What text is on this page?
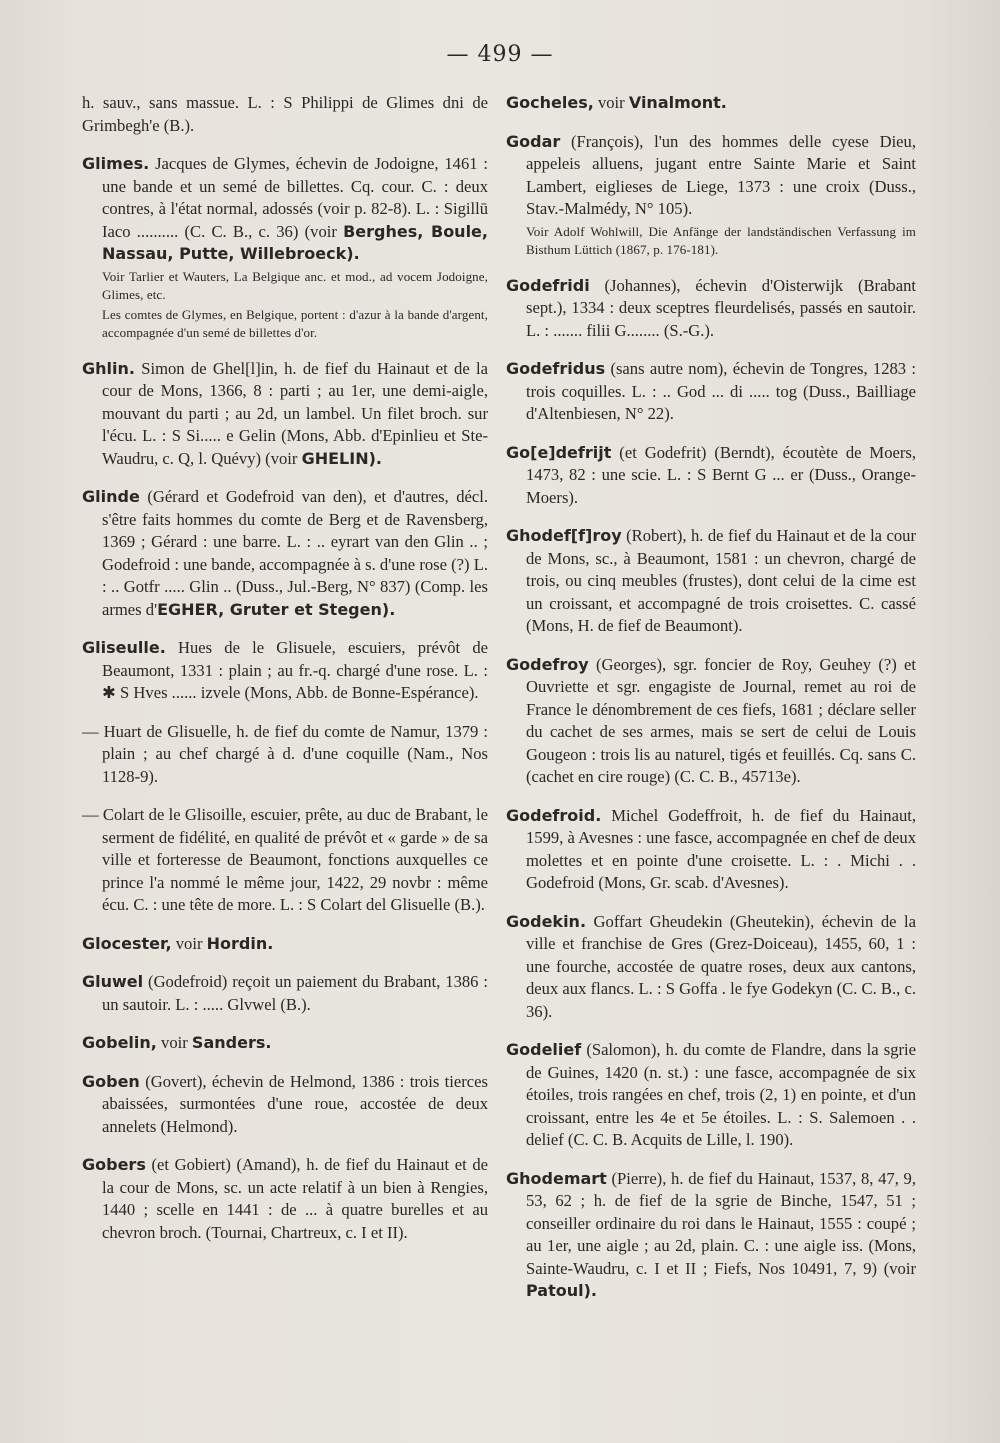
— 499 —

h. sauv., sans massue. L. : S Philippi de Glimes dni de Grimbegh'e (B.).

Glimes. Jacques de Glymes, échevin de Jodoigne, 1461 : une bande et un semé de billettes. Cq. cour. C. : deux contres, à l'état normal, adossés (voir p. 82-8). L. : Sigillū Iaco .......... (C. C. B., c. 36) (voir Berghes, Boule, Nassau, Putte, Willebroeck).

Voir Tarlier et Wauters, La Belgique anc. et mod., ad vocem Jodoigne, Glimes, etc.

Les comtes de Glymes, en Belgique, portent : d'azur à la bande d'argent, accompagnée d'un semé de billettes d'or.

Ghlin. Simon de Ghel[l]in, h. de fief du Hainaut et de la cour de Mons, 1366, 8 : parti ; au 1er, une demi-aigle, mouvant du parti ; au 2d, un lambel. Un filet broch. sur l'écu. L. : S Si..... e Gelin (Mons, Abb. d'Epinlieu et Ste-Waudru, c. Q, l. Quévy) (voir GHELIN).

Glinde (Gérard et Godefroid van den), et d'autres, décl. s'être faits hommes du comte de Berg et de Ravensberg, 1369 ; Gérard : une barre. L. : .. eyrart van den Glin .. ; Godefroid : une bande, accompagnée à s. d'une rose (?) L. : .. Gotfr ..... Glin .. (Duss., Jul.-Berg, N° 837) (Comp. les armes d'EGHER, Gruter et Stegen).

Gliseulle. Hues de le Glisuele, escuiers, prévôt de Beaumont, 1331 : plain ; au fr.-q. chargé d'une rose. L. : ✱ S Hves ...... izvele (Mons, Abb. de Bonne-Espérance).

— Huart de Glisuelle, h. de fief du comte de Namur, 1379 : plain ; au chef chargé à d. d'une coquille (Nam., Nos 1128-9).

— Colart de le Glisoille, escuier, prête, au duc de Brabant, le serment de fidélité, en qualité de prévôt et « garde » de sa ville et forteresse de Beaumont, fonctions auxquelles ce prince l'a nommé le même jour, 1422, 29 novbr : même écu. C. : une tête de more. L. : S Colart del Glisuelle (B.).

Glocester, voir Hordin.

Gluwel (Godefroid) reçoit un paiement du Brabant, 1386 : un sautoir. L. : ..... Glvwel (B.).

Gobelin, voir Sanders.

Goben (Govert), échevin de Helmond, 1386 : trois tierces abaissées, surmontées d'une roue, accostée de deux annelets (Helmond).

Gobers (et Gobiert) (Amand), h. de fief du Hainaut et de la cour de Mons, sc. un acte relatif à un bien à Rengies, 1440 ; scelle en 1441 : de ... à quatre burelles et au chevron broch. (Tournai, Chartreux, c. I et II).

Gocheles, voir Vinalmont.

Godar (François), l'un des hommes delle cyese Dieu, appeleis alluens, jugant entre Sainte Marie et Saint Lambert, eiglieses de Liege, 1373 : une croix (Duss., Stav.-Malmédy, N° 105).

Voir Adolf Wohlwill, Die Anfänge der landständischen Verfassung im Bisthum Lüttich (1867, p. 176-181).

Godefridi (Johannes), échevin d'Oisterwijk (Brabant sept.), 1334 : deux sceptres fleurdelisés, passés en sautoir. L. : ....... filii G........ (S.-G.).

Godefridus (sans autre nom), échevin de Tongres, 1283 : trois coquilles. L. : .. God ... di ..... tog (Duss., Bailliage d'Altenbiesen, N° 22).

Go[e]defrijt (et Godefrit) (Berndt), écoutète de Moers, 1473, 82 : une scie. L. : S Bernt G ... er (Duss., Orange-Moers).

Ghodef[f]roy (Robert), h. de fief du Hainaut et de la cour de Mons, sc., à Beaumont, 1581 : un chevron, chargé de trois, ou cinq meubles (frustes), dont celui de la cime est un croissant, et accompagné de trois croisettes. C. cassé (Mons, H. de fief de Beaumont).

Godefroy (Georges), sgr. foncier de Roy, Geuhey (?) et Ouvriette et sgr. engagiste de Journal, remet au roi de France le dénombrement de ces fiefs, 1681 ; déclare seller du cachet de ses armes, mais se sert de celui de Louis Gougeon : trois lis au naturel, tigés et feuillés. Cq. sans C. (cachet en cire rouge) (C. C. B., 45713e).

Godefroid. Michel Godeffroit, h. de fief du Hainaut, 1599, à Avesnes : une fasce, accompagnée en chef de deux molettes et en pointe d'une croisette. L. : . Michi . . Godefroid (Mons, Gr. scab. d'Avesnes).

Godekin. Goffart Gheudekin (Gheutekin), échevin de la ville et franchise de Gres (Grez-Doiceau), 1455, 60, 1 : une fourche, accostée de quatre roses, deux aux cantons, deux aux flancs. L. : S Goffa . le fye Godekyn (C. C. B., c. 36).

Godelief (Salomon), h. du comte de Flandre, dans la sgrie de Guines, 1420 (n. st.) : une fasce, accompagnée de six étoiles, trois rangées en chef, trois (2, 1) en pointe, et d'un croissant, entre les 4e et 5e étoiles. L. : S. Salemoen . . delief (C. C. B. Acquits de Lille, l. 190).

Ghodemart (Pierre), h. de fief du Hainaut, 1537, 8, 47, 9, 53, 62 ; h. de fief de la sgrie de Binche, 1547, 51 ; conseiller ordinaire du roi dans le Hainaut, 1555 : coupé ; au 1er, une aigle ; au 2d, plain. C. : une aigle iss. (Mons, Sainte-Waudru, c. I et II ; Fiefs, Nos 10491, 7, 9) (voir Patoul).
